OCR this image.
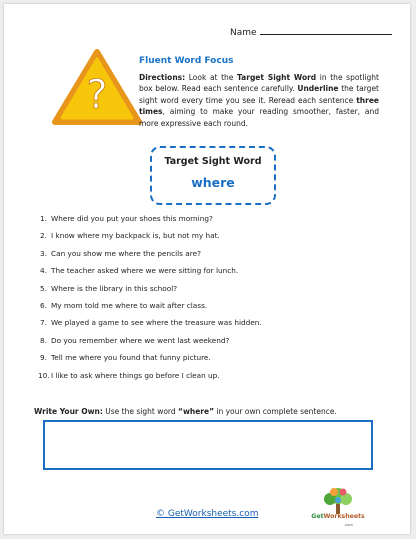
Name
?
Fluent Word Focus
Directions: Look at the Target Sight Word in the spotlight box below. Read each sentence carefully. Underline the target sight word every time you see it. Reread each sentence three times, aiming to make your reading smoother, faster, and more expressive each round.
Target Sight Word
where
1. Where did you put your shoes this morning?
2. I know where my backpack is, but not my hat.
3. Can you show me where the pencils are?
4. The teacher asked where we were sitting for lunch.
5. Where is the library in this school?
6. My mom told me where to wait after class.
7. We played a game to see where the treasure was hidden.
8. Do you remember where we went last weekend?
9. Tell me where you found that funny picture.
10.I like to ask where things go before I clean up.
Write Your Own: Use the sight word “where” in your own complete sentence.
© GetWorksheets.com	GetWorksheets
.com
